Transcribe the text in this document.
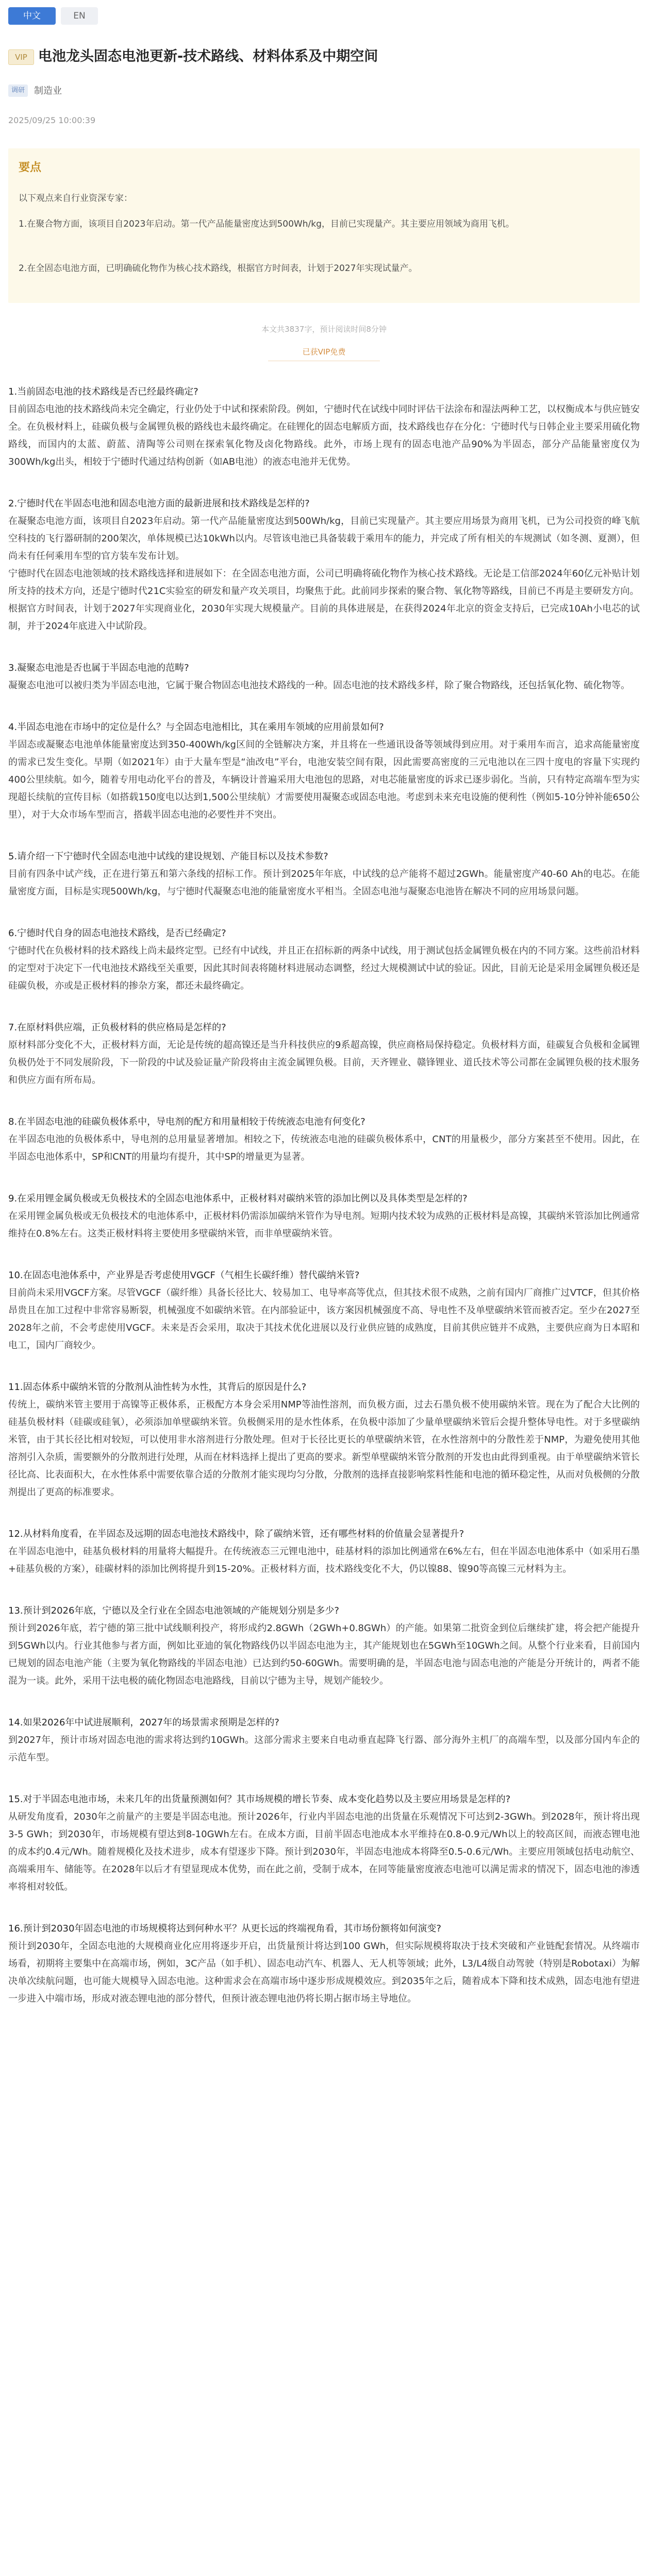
中文	EN
VIP 电池龙头固态电池更新-技术路线、材料体系及中期空间
调研	制造业
2025/09/25 10:00:39
要点
以下观点来自行业资深专家：
1.在聚合物方面，该项目自2023年启动。第一代产品能量密度达到500Wh/kg，目前已实现量产。其主要应用领域为商用飞机。
2.在全固态电池方面，已明确硫化物作为核心技术路线，根据官方时间表，计划于2027年实现试量产。
本文共3837字，预计阅读时间8分钟
已获VIP免费

1.当前固态电池的技术路线是否已经最终确定?

目前固态电池的技术路线尚未完全确定，行业仍处于中试和探索阶段。例如，宁德时代在试线中同时评估干法涂布和湿法两种工艺，以权衡成本与供应链安全。在负极材料上，硅碳负极与金属锂负极的路线也未最终确定。在硅锂化的固态电解质方面，技术路线也存在分化：宁德时代与日韩企业主要采用硫化物路线，而国内的太蓝、蔚蓝、清陶等公司则在探索氧化物及卤化物路线。此外，市场上现有的固态电池产品90%为半固态，部分产品能量密度仅为300Wh/kg出头，相较于宁德时代通过结构创新（如AB电池）的液态电池并无优势。

2.宁德时代在半固态电池和固态电池方面的最新进展和技术路线是怎样的?

在凝聚态电池方面，该项目自2023年启动。第一代产品能量密度达到500Wh/kg，目前已实现量产。其主要应用场景为商用飞机，已为公司投资的峰飞航空科技的飞行器研制的200架次，单体规模已达10kWh以内。尽管该电池已具备装载于乘用车的能力，并完成了所有相关的车规测试（如冬测、夏测），但尚未有任何乘用车型的官方装车发布计划。

宁德时代在固态电池领域的技术路线选择和进展如下：在全固态电池方面，公司已明确将硫化物作为核心技术路线。无论是工信部2024年60亿元补贴计划所支持的技术方向，还是宁德时代21C实验室的研发和量产攻关项目，均聚焦于此。此前同步探索的聚合物、氧化物等路线，目前已不再是主要研发方向。

根据官方时间表，计划于2027年实现商业化，2030年实现大规模量产。目前的具体进展是，在获得2024年北京的资金支持后，已完成10Ah小电芯的试制，并于2024年底进入中试阶段。

3.凝聚态电池是否也属于半固态电池的范畴?

凝聚态电池可以被归类为半固态电池，它属于聚合物固态电池技术路线的一种。固态电池的技术路线多样，除了聚合物路线，还包括氧化物、硫化物等。

4.半固态电池在市场中的定位是什么？与全固态电池相比，其在乘用车领域的应用前景如何?

半固态或凝聚态电池单体能量密度达到350-400Wh/kg区间的全链解决方案，并且将在一些通讯设备等领域得到应用。对于乘用车而言，追求高能量密度的需求已发生变化。早期（如2021年）由于大量车型是“油改电”平台，电池安装空间有限，因此需要高密度的三元电池以在三四十度电的容量下实现约400公里续航。如今，随着专用电动化平台的普及，车辆设计普遍采用大电池包的思路，对电芯能量密度的诉求已逐步弱化。当前，只有特定高端车型为实现超长续航的宣传目标（如搭载150度电以达到1,500公里续航）才需要使用凝聚态或固态电池。考虑到未来充电设施的便利性（例如5-10分钟补能650公里），对于大众市场车型而言，搭载半固态电池的必要性并不突出。

5.请介绍一下宁德时代全固态电池中试线的建设规划、产能目标以及技术参数?

目前有四条中试产线，正在进行第五和第六条线的招标工作。预计到2025年年底，中试线的总产能将不超过2GWh。能量密度产40-60 Ah的电芯。在能量密度方面，目标是实现500Wh/kg，与宁德时代凝聚态电池的能量密度水平相当。全固态电池与凝聚态电池皆在解决不同的应用场景问题。

6.宁德时代自身的固态电池技术路线，是否已经确定?

宁德时代在负极材料的技术路线上尚未最终定型。已经有中试线，并且正在招标新的两条中试线，用于测试包括金属锂负极在内的不同方案。这些前沿材料的定型对于决定下一代电池技术路线至关重要，因此其时间表将随材料进展动态调整，经过大规模测试中试的验证。因此，目前无论是采用金属锂负极还是硅碳负极，亦或是正极材料的掺杂方案，都还未最终确定。

7.在原材料供应端，正负极材料的供应格局是怎样的?

原材料部分变化不大，正极材料方面，无论是传统的超高镍还是当升科技供应的9系超高镍，供应商格局保持稳定。负极材料方面，硅碳复合负极和金属锂负极仍处于不同发展阶段，下一阶段的中试及验证量产阶段将由主流金属锂负极。目前，天齐锂业、赣锋锂业、道氏技术等公司都在金属锂负极的技术服务和供应方面有所布局。

8.在半固态电池的硅碳负极体系中，导电剂的配方和用量相较于传统液态电池有何变化?

在半固态电池的负极体系中，导电剂的总用量显著增加。相较之下，传统液态电池的硅碳负极体系中，CNT的用量极少，部分方案甚至不使用。因此，在半固态电池体系中，SP和CNT的用量均有提升，其中SP的增量更为显著。

9.在采用锂金属负极或无负极技术的全固态电池体系中，正极材料对碳纳米管的添加比例以及具体类型是怎样的?

在采用锂金属负极或无负极技术的电池体系中，正极材料仍需添加碳纳米管作为导电剂。短期内技术较为成熟的正极材料是高镍，其碳纳米管添加比例通常维持在0.8%左右。这类正极材料将主要使用多壁碳纳米管，而非单壁碳纳米管。

10.在固态电池体系中，产业界是否考虑使用VGCF（气相生长碳纤维）替代碳纳米管?

目前尚未采用VGCF方案。尽管VGCF（碳纤维）具备长径比大、较易加工、电导率高等优点，但其技术很不成熟，之前有国内厂商推广过VTCF，但其价格昂贵且在加工过程中非常容易断裂，机械强度不如碳纳米管。在内部验证中，该方案因机械强度不高、导电性不及单壁碳纳米管而被否定。至少在2027至2028年之前，不会考虑使用VGCF。未来是否会采用，取决于其技术优化进展以及行业供应链的成熟度，目前其供应链并不成熟，主要供应商为日本昭和电工，国内厂商较少。

11.固态体系中碳纳米管的分散剂从油性转为水性，其背后的原因是什么?

传统上，碳纳米管主要用于高镍等正极体系，正极配方本身会采用NMP等油性溶剂，而负极方面，过去石墨负极不使用碳纳米管。现在为了配合大比例的硅基负极材料（硅碳或硅氧），必须添加单壁碳纳米管。负极侧采用的是水性体系，在负极中添加了少量单壁碳纳米管后会提升整体导电性。对于多壁碳纳米管，由于其长径比相对较短，可以使用非水溶剂进行分散处理。但对于长径比更长的单壁碳纳米管，在水性溶剂中的分散性差于NMP，为避免使用其他溶剂引入杂质，需要额外的分散剂进行处理，从而在材料选择上提出了更高的要求。新型单壁碳纳米管分散剂的开发也由此得到重视。由于单壁碳纳米管长径比高、比表面积大，在水性体系中需要依靠合适的分散剂才能实现均匀分散，分散剂的选择直接影响浆料性能和电池的循环稳定性，从而对负极侧的分散剂提出了更高的标准要求。

12.从材料角度看，在半固态及远期的固态电池技术路线中，除了碳纳米管，还有哪些材料的价值量会显著提升?

在半固态电池中，硅基负极材料的用量将大幅提升。在传统液态三元锂电池中，硅基材料的添加比例通常在6%左右，但在半固态电池体系中（如采用石墨+硅基负极的方案），硅碳材料的添加比例将提升到15-20%。正极材料方面，技术路线变化不大，仍以镍88、镍90等高镍三元材料为主。

13.预计到2026年底，宁德以及全行业在全固态电池领域的产能规划分别是多少?

预计到2026年底，若宁德的第三批中试线顺利投产，将形成约2.8GWh（2GWh+0.8GWh）的产能。如果第二批资金到位后继续扩建，将会把产能提升到5GWh以内。行业其他参与者方面，例如比亚迪的氧化物路线仍以半固态电池为主，其产能规划也在5GWh至10GWh之间。从整个行业来看，目前国内已规划的固态电池产能（主要为氧化物路线的半固态电池）已达到约50-60GWh。需要明确的是，半固态电池与固态电池的产能是分开统计的，两者不能混为一谈。此外，采用干法电极的硫化物固态电池路线，目前以宁德为主导，规划产能较少。

14.如果2026年中试进展顺利，2027年的场景需求预期是怎样的?

到2027年，预计市场对固态电池的需求将达到约10GWh。这部分需求主要来自电动垂直起降飞行器、部分海外主机厂的高端车型，以及部分国内车企的示范车型。

15.对于半固态电池市场，未来几年的出货量预测如何？其市场规模的增长节奏、成本变化趋势以及主要应用场景是怎样的?

从研发角度看，2030年之前量产的主要是半固态电池。预计2026年，行业内半固态电池的出货量在乐观情况下可达到2-3GWh。到2028年，预计将出现3-5 GWh；到2030年，市场规模有望达到8-10GWh左右。在成本方面，目前半固态电池成本水平维持在0.8-0.9元/Wh以上的较高区间，而液态锂电池的成本约0.4元/Wh。随着规模化及技术进步，成本有望逐步下降。预计到2030年，半固态电池成本将降至0.5-0.6元/Wh。主要应用领域包括电动航空、高端乘用车、储能等。在2028年以后才有望显现成本优势，而在此之前，受制于成本，在同等能量密度液态电池可以满足需求的情况下，固态电池的渗透率将相对较低。

16.预计到2030年固态电池的市场规模将达到何种水平？从更长远的终端视角看，其市场份额将如何演变?

预计到2030年，全固态电池的大规模商业化应用将逐步开启，出货量预计将达到100 GWh，但实际规模将取决于技术突破和产业链配套情况。从终端市场看，初期将主要集中在高端市场，例如，3C产品（如手机）、固态电动汽车、机器人、无人机等领域；此外，L3/L4级自动驾驶（特别是Robotaxi）为解决单次续航问题，也可能大规模导入固态电池。这种需求会在高端市场中逐步形成规模效应。到2035年之后，随着成本下降和技术成熟，固态电池有望进一步进入中端市场，形成对液态锂电池的部分替代，但预计液态锂电池仍将长期占据市场主导地位。
